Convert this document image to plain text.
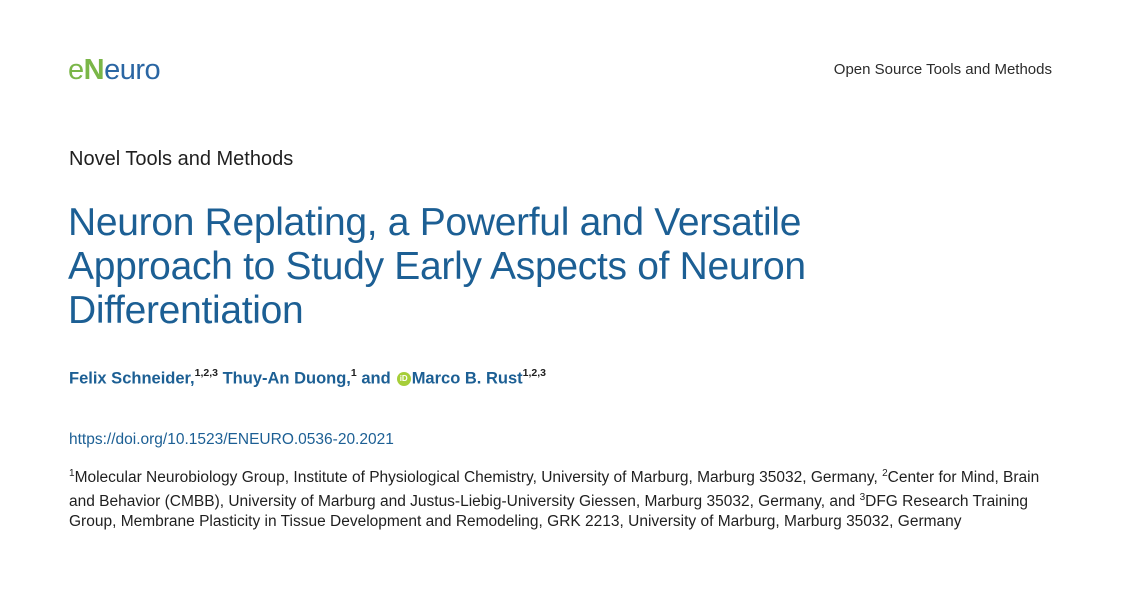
eNeuro	Open Source Tools and Methods
Novel Tools and Methods
Neuron Replating, a Powerful and Versatile Approach to Study Early Aspects of Neuron Differentiation
Felix Schneider,$^{1,2,3}$ Thuy-An Duong,$^1$ and iD Marco B. Rust$^{1,2,3}$
https://doi.org/10.1523/ENEURO.0536-20.2021
$^1$Molecular Neurobiology Group, Institute of Physiological Chemistry, University of Marburg, Marburg 35032, Germany, $^2$Center for Mind, Brain and Behavior (CMBB), University of Marburg and Justus-Liebig-University Giessen, Marburg 35032, Germany, and $^3$DFG Research Training Group, Membrane Plasticity in Tissue Development and Remodeling, GRK 2213, University of Marburg, Marburg 35032, Germany
